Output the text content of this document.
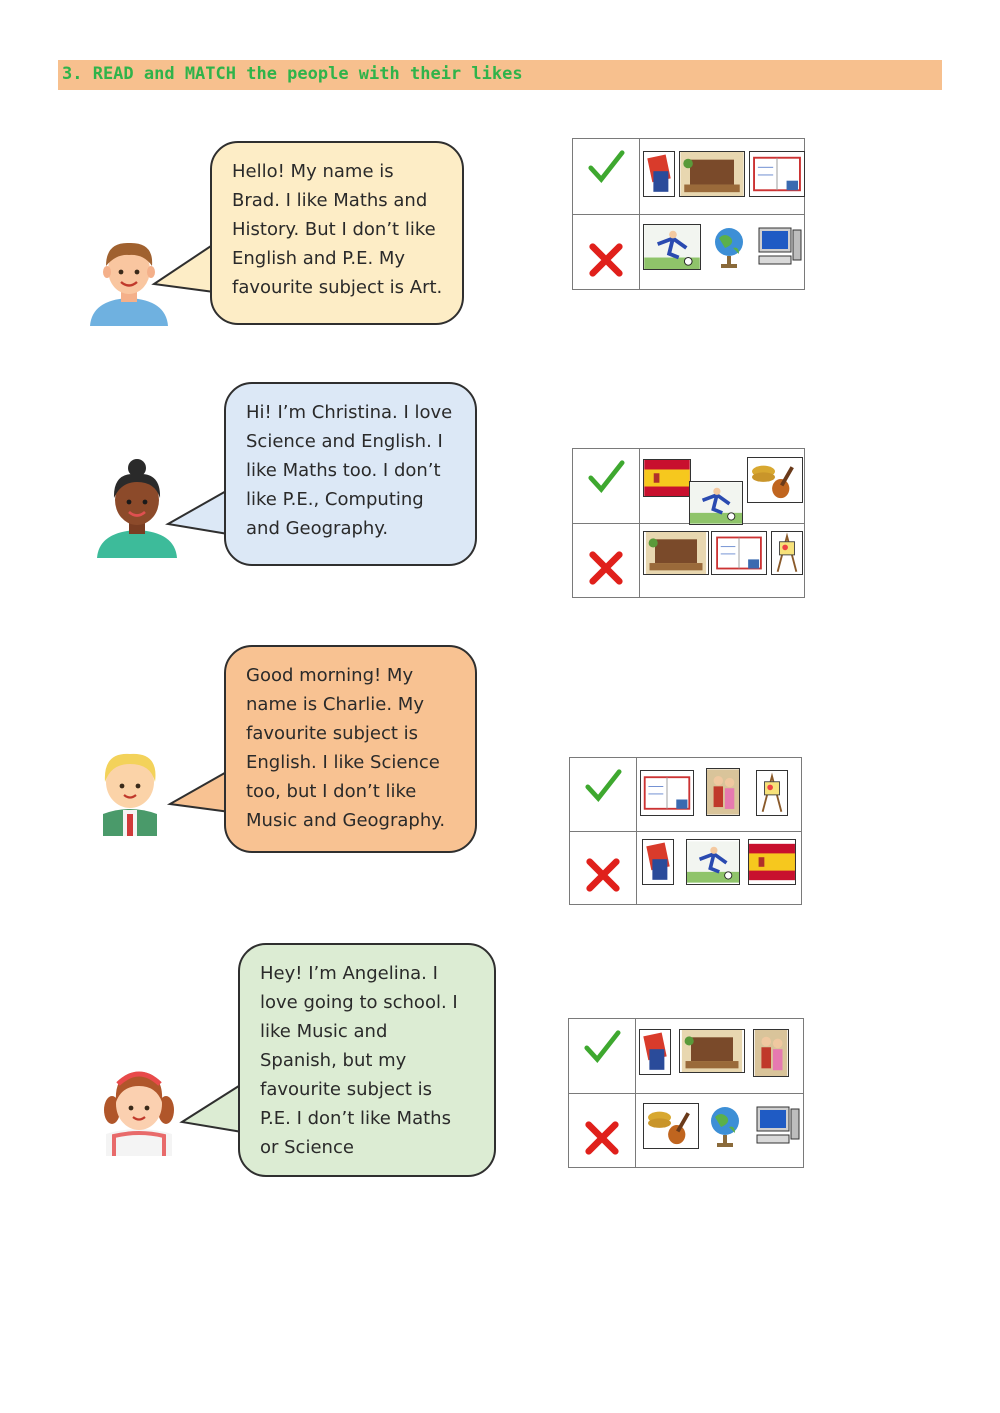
3. READ and MATCH the people with their likes
Hello! My name is
Brad. I like Maths and
History. But I don’t like
English and P.E. My
favourite subject is Art.
Hi! I’m Christina. I love
Science and English. I
like Maths too. I don’t
like P.E., Computing
and Geography.
Good morning! My
name is Charlie. My
favourite subject is
English. I like Science
too, but I don’t like
Music and Geography.
Hey! I’m Angelina. I
love going to school. I
like Music and
Spanish, but my
favourite subject is
P.E. I don’t like Maths
or Science
